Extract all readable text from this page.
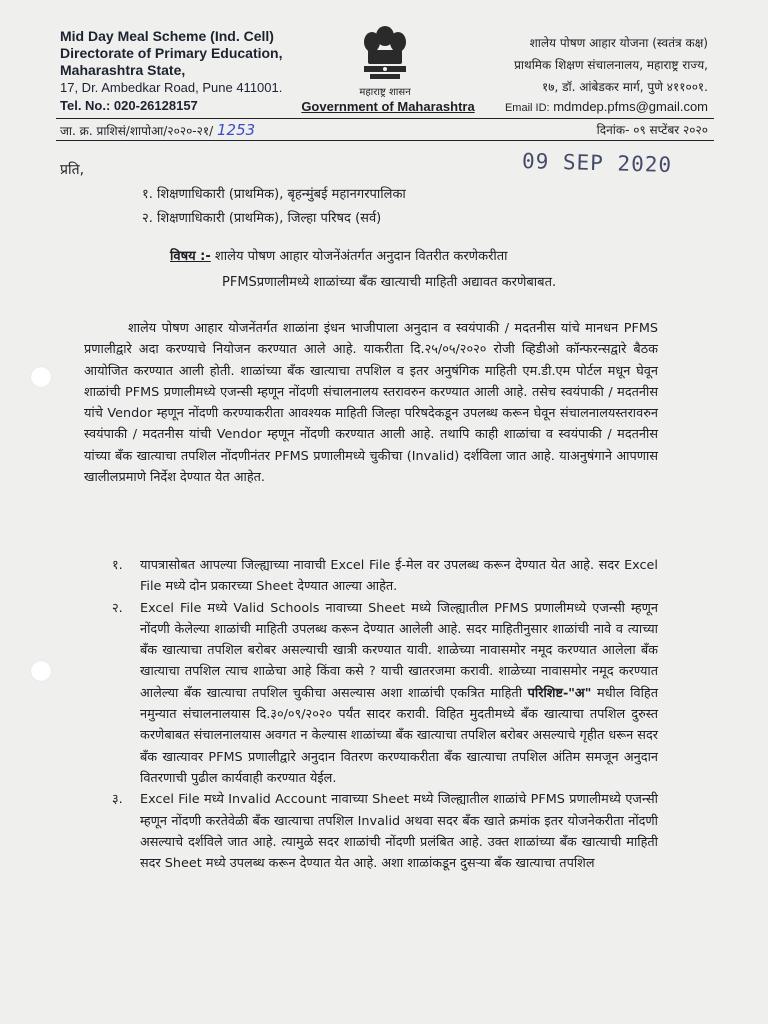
Mid Day Meal Scheme (Ind. Cell)
Directorate of Primary Education,
Maharashtra State,
17, Dr. Ambedkar Road, Pune 411001.
Tel. No.: 020-26128157
महाराष्ट्र शासन
Government of Maharashtra
शालेय पोषण आहार योजना (स्वतंत्र कक्ष)
प्राथमिक शिक्षण संचालनालय, महाराष्ट्र राज्य,
१७, डॉ. आंबेडकर मार्ग, पुणे ४११००१.
Email ID: mdmdep.pfms@gmail.com
जा. क्र. प्राशिसं/शापोआ/२०२०-२१/ 1253	दिनांक- ०९ सप्टेंबर २०२०
09 SEP 2020
प्रति,
१. शिक्षणाधिकारी (प्राथमिक), बृहन्मुंबई महानगरपालिका
२. शिक्षणाधिकारी (प्राथमिक), जिल्हा परिषद (सर्व)
विषय :- शालेय पोषण आहार योजनेंअंतर्गत अनुदान वितरीत करणेकरीता
PFMSप्रणालीमध्ये शाळांच्या बँक खात्याची माहिती अद्यावत करणेबाबत.

शालेय पोषण आहार योजनेंतर्गत शाळांना इंधन भाजीपाला अनुदान व स्वयंपाकी / मदतनीस यांचे मानधन PFMS प्रणालीद्वारे अदा करण्याचे नियोजन करण्यात आले आहे. याकरीता दि.२५/०५/२०२० रोजी व्हिडीओ कॉन्फरन्सद्वारे बैठक आयोजित करण्यात आली होती. शाळांच्या बँक खात्याचा तपशिल व इतर अनुषंगिक माहिती एम.डी.एम पोर्टल मधून घेवून शाळांची PFMS प्रणालीमध्ये एजन्सी म्हणून नोंदणी संचालनालय स्तरावरुन करण्यात आली आहे. तसेच स्वयंपाकी / मदतनीस यांचे Vendor म्हणून नोंदणी करण्याकरीता आवश्यक माहिती जिल्हा परिषदेकडून उपलब्ध करून घेवून संचालनालयस्तरावरुन स्वयंपाकी / मदतनीस यांची Vendor म्हणून नोंदणी करण्यात आली आहे. तथापि काही शाळांचा व स्वयंपाकी / मदतनीस यांच्या बँक खात्याचा तपशिल नोंदणीनंतर PFMS प्रणालीमध्ये चुकीचा (Invalid) दर्शविला जात आहे. याअनुषंगाने आपणास खालीलप्रमाणे निर्देश देण्यात येत आहेत.

१. यापत्रासोबत आपल्या जिल्ह्याच्या नावाची Excel File ई-मेल वर उपलब्ध करून देण्यात येत आहे. सदर Excel File मध्ये दोन प्रकारच्या Sheet देण्यात आल्या आहेत.
२. Excel File मध्ये Valid Schools नावाच्या Sheet मध्ये जिल्ह्यातील PFMS प्रणालीमध्ये एजन्सी म्हणून नोंदणी केलेल्या शाळांची माहिती उपलब्ध करून देण्यात आलेली आहे. सदर माहितीनुसार शाळांची नावे व त्याच्या बँक खात्याचा तपशिल बरोबर असल्याची खात्री करण्यात यावी. शाळेच्या नावासमोर नमूद करण्यात आलेला बँक खात्याचा तपशिल त्याच शाळेचा आहे किंवा कसे ? याची खातरजमा करावी. शाळेच्या नावासमोर नमूद करण्यात आलेल्या बँक खात्याचा तपशिल चुकीचा असल्यास अशा शाळांची एकत्रित माहिती परिशिष्ट-"अ" मधील विहित नमुन्यात संचालनालयास दि.३०/०९/२०२० पर्यंत सादर करावी. विहित मुदतीमध्ये बँक खात्याचा तपशिल दुरुस्त करणेबाबत संचालनालयास अवगत न केल्यास शाळांच्या बँक खात्याचा तपशिल बरोबर असल्याचे गृहीत धरून सदर बँक खात्यावर PFMS प्रणालीद्वारे अनुदान वितरण करण्याकरीता बँक खात्याचा तपशिल अंतिम समजून अनुदान वितरणाची पुढील कार्यवाही करण्यात येईल.
३. Excel File मध्ये Invalid Account नावाच्या Sheet मध्ये जिल्ह्यातील शाळांचे PFMS प्रणालीमध्ये एजन्सी म्हणून नोंदणी करतेवेळी बँक खात्याचा तपशिल Invalid अथवा सदर बँक खाते क्रमांक इतर योजनेकरीता नोंदणी असल्याचे दर्शविले जात आहे. त्यामुळे सदर शाळांची नोंदणी प्रलंबित आहे. उक्त शाळांच्या बँक खात्याची माहिती सदर Sheet मध्ये उपलब्ध करून देण्यात येत आहे. अशा शाळांकडून दुसऱ्या बँक खात्याचा तपशिल
